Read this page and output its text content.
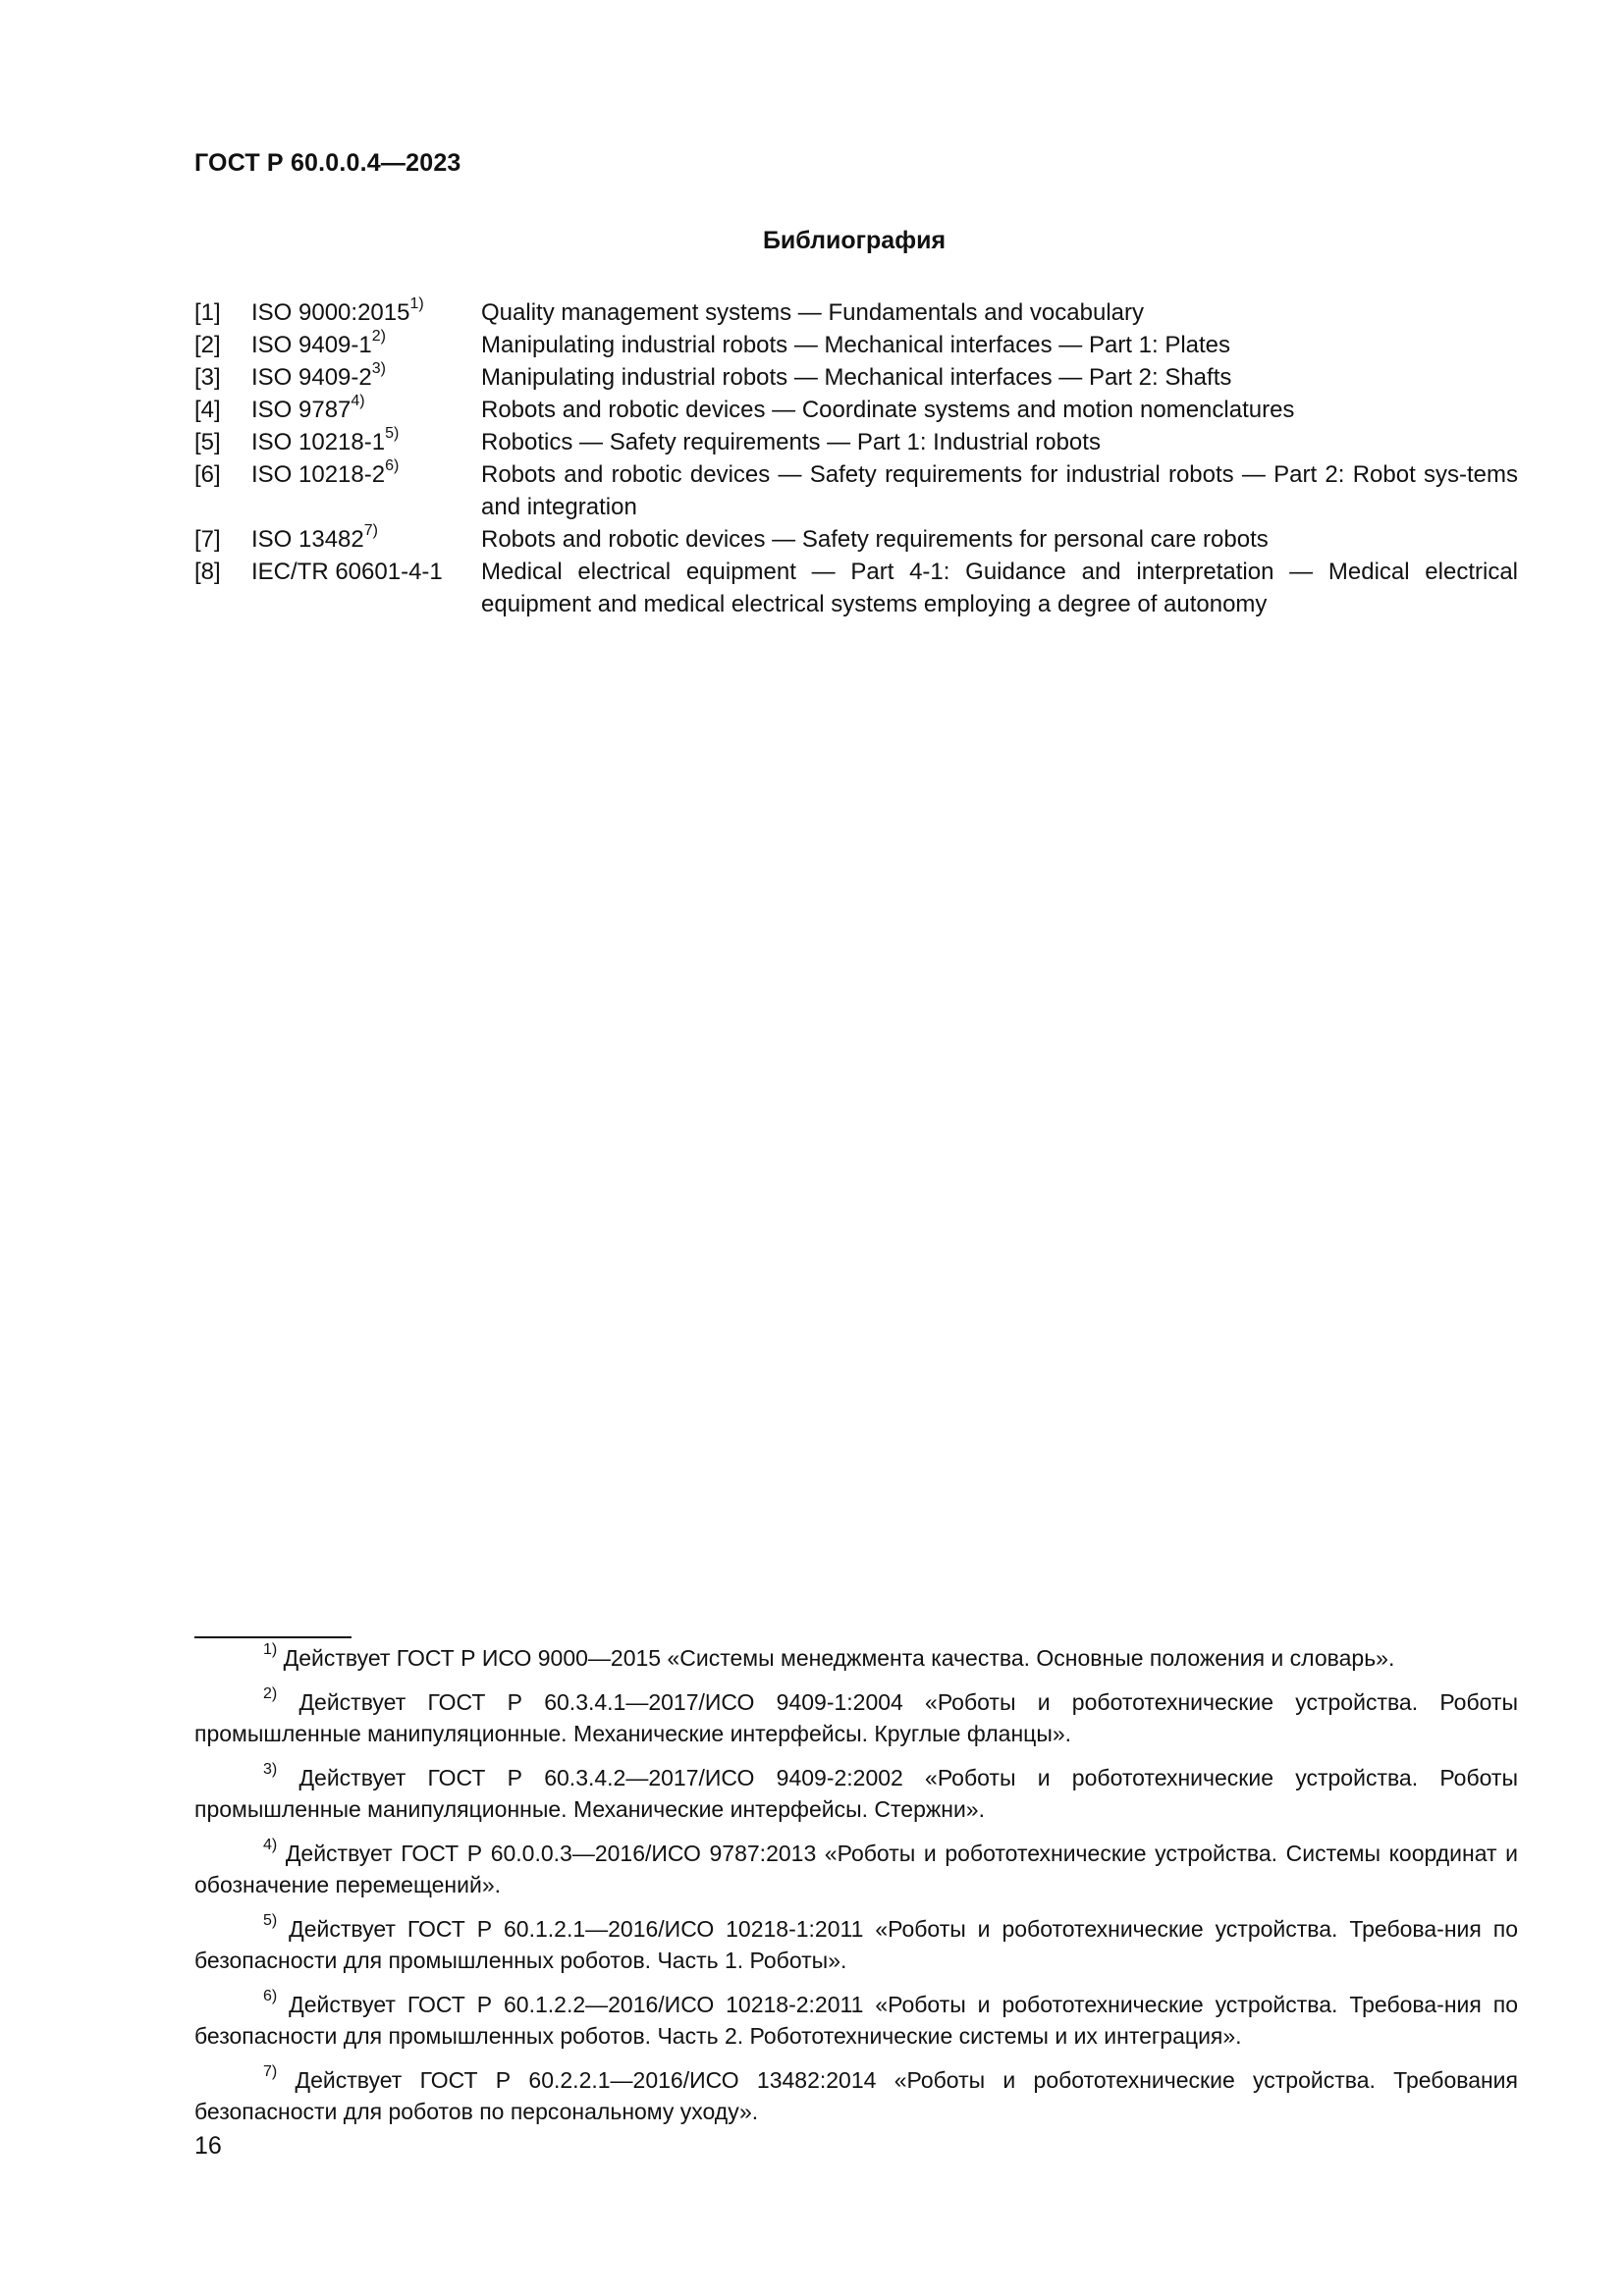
ГОСТ Р 60.0.0.4—2023
Библиография
[1]	ISO 9000:2015$^{1)}$	Quality management systems — Fundamentals and vocabulary
[2]	ISO 9409-1$^{2)}$	Manipulating industrial robots — Mechanical interfaces — Part 1: Plates
[3]	ISO 9409-2$^{3)}$	Manipulating industrial robots — Mechanical interfaces — Part 2: Shafts
[4]	ISO 9787$^{4)}$	Robots and robotic devices — Coordinate systems and motion nomenclatures
[5]	ISO 10218-1$^{5)}$	Robotics — Safety requirements — Part 1: Industrial robots
[6]	ISO 10218-2$^{6)}$	Robots and robotic devices — Safety requirements for industrial robots — Part 2: Robot sys-tems and integration
[7]	ISO 13482$^{7)}$	Robots and robotic devices — Safety requirements for personal care robots
[8]	IEC/TR 60601-4-1	Medical electrical equipment — Part 4-1: Guidance and interpretation — Medical electrical equipment and medical electrical systems employing a degree of autonomy

$^{1)}$ Действует ГОСТ Р ИСО 9000—2015 «Системы менеджмента качества. Основные положения и словарь».

$^{2)}$ Действует ГОСТ Р 60.3.4.1—2017/ИСО 9409-1:2004 «Роботы и робототехнические устройства. Роботы промышленные манипуляционные. Механические интерфейсы. Круглые фланцы».

$^{3)}$ Действует ГОСТ Р 60.3.4.2—2017/ИСО 9409-2:2002 «Роботы и робототехнические устройства. Роботы промышленные манипуляционные. Механические интерфейсы. Стержни».

$^{4)}$ Действует ГОСТ Р 60.0.0.3—2016/ИСО 9787:2013 «Роботы и робототехнические устройства. Системы координат и обозначение перемещений».

$^{5)}$ Действует ГОСТ Р 60.1.2.1—2016/ИСО 10218-1:2011 «Роботы и робототехнические устройства. Требова-ния по безопасности для промышленных роботов. Часть 1. Роботы».

$^{6)}$ Действует ГОСТ Р 60.1.2.2—2016/ИСО 10218-2:2011 «Роботы и робототехнические устройства. Требова-ния по безопасности для промышленных роботов. Часть 2. Робототехнические системы и их интеграция».

$^{7)}$ Действует ГОСТ Р 60.2.2.1—2016/ИСО 13482:2014 «Роботы и робототехнические устройства. Требования безопасности для роботов по персональному уходу».

16
